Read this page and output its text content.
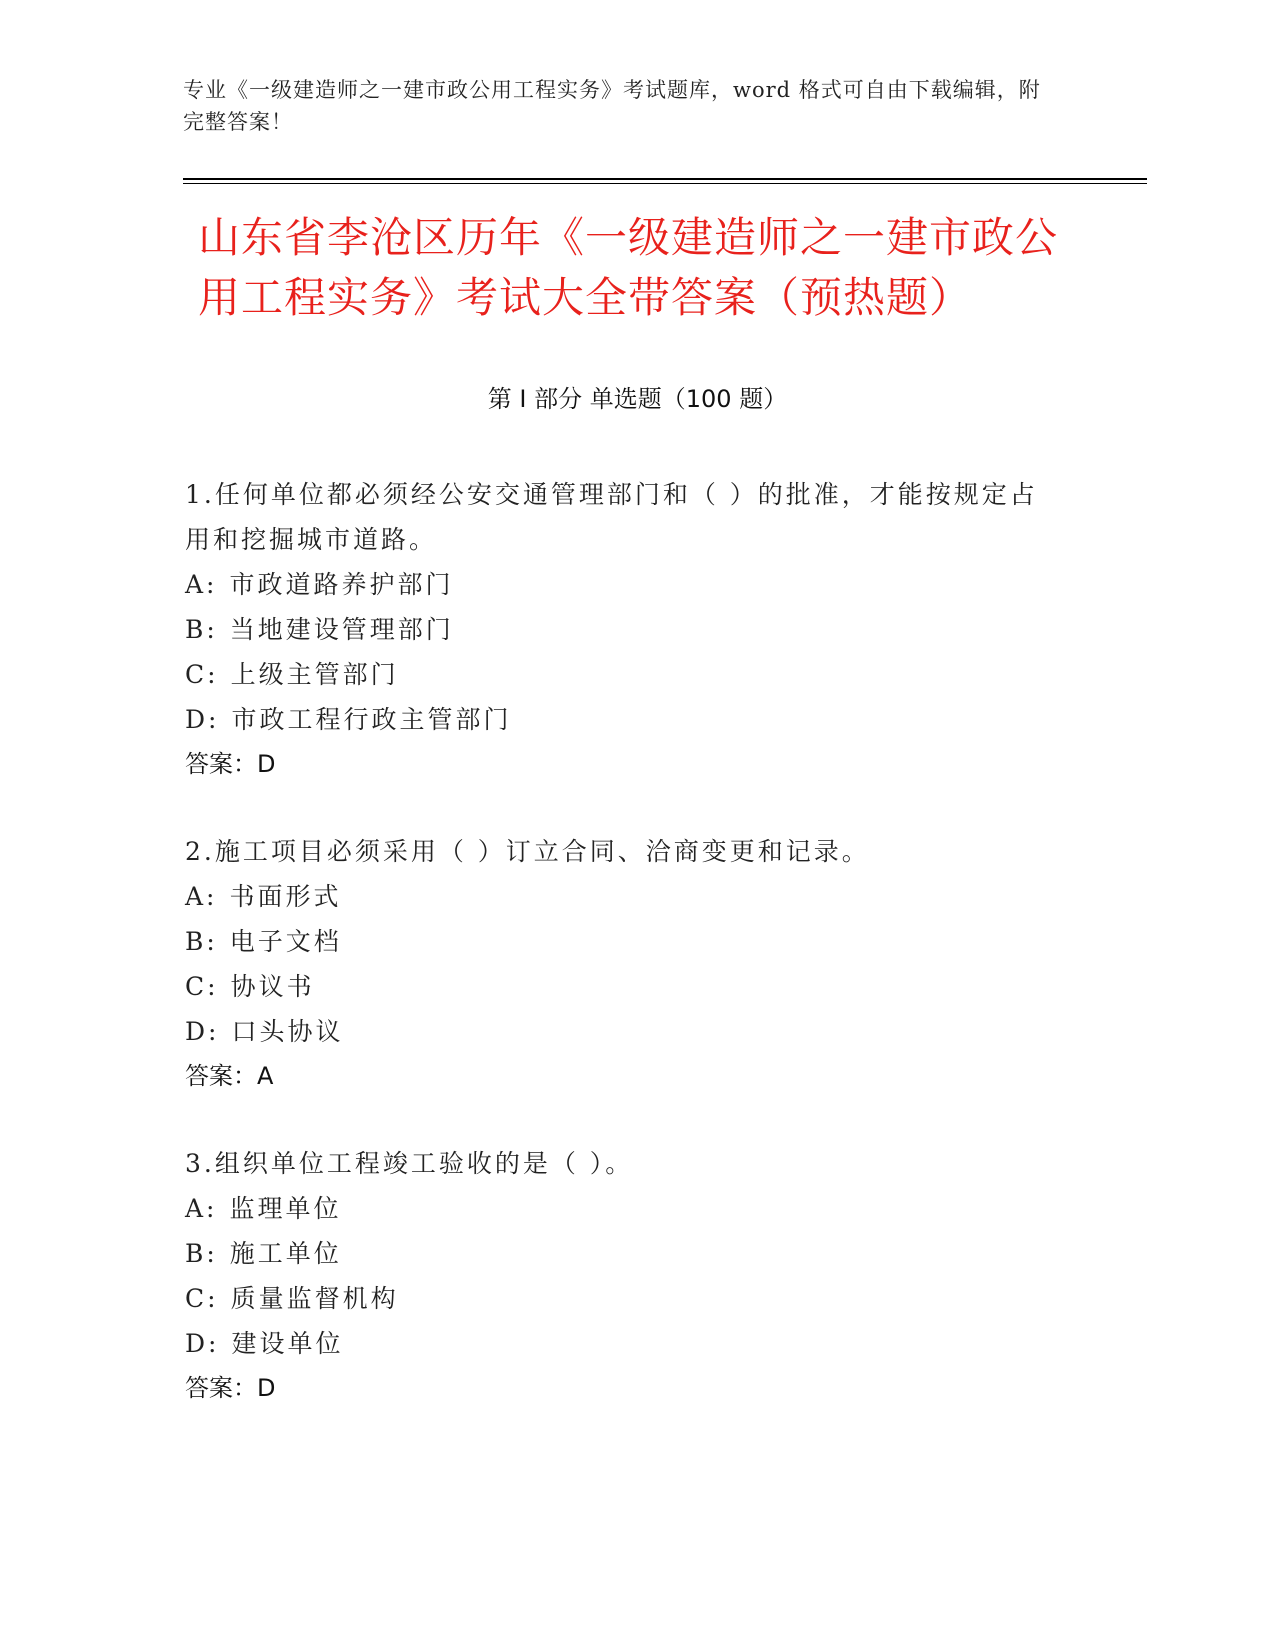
专业《一级建造师之一建市政公用工程实务》考试题库，word 格式可自由下载编辑，附完整答案！
山东省李沧区历年《一级建造师之一建市政公用工程实务》考试大全带答案（预热题）
第 I 部分 单选题（100 题）
1.任何单位都必须经公安交通管理部门和（ ）的批准，才能按规定占用和挖掘城市道路。
A: 市政道路养护部门
B: 当地建设管理部门
C: 上级主管部门
D: 市政工程行政主管部门
答案：D
2.施工项目必须采用（ ）订立合同、洽商变更和记录。
A: 书面形式
B: 电子文档
C: 协议书
D: 口头协议
答案：A
3.组织单位工程竣工验收的是（ ）。
A: 监理单位
B: 施工单位
C: 质量监督机构
D: 建设单位
答案：D
